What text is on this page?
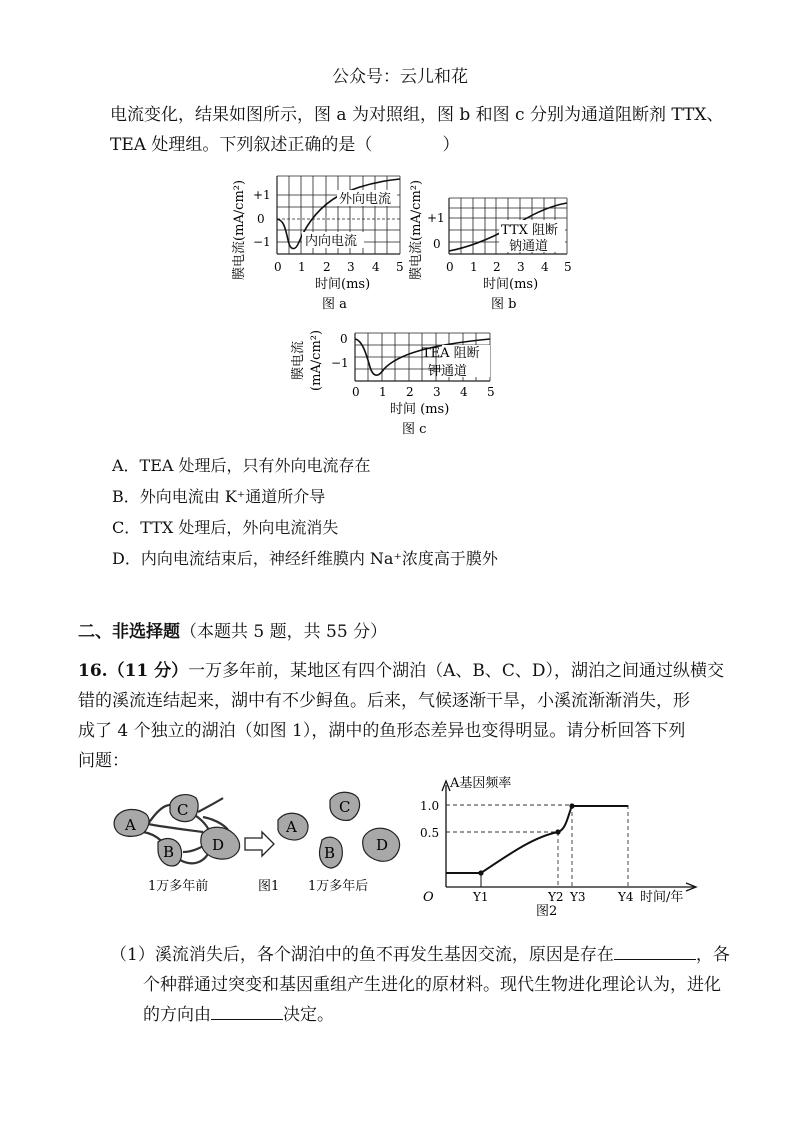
公众号：云儿和花
电流变化，结果如图所示，图 a 为对照组，图 b 和图 c 分别为通道阻断剂 TTX、
TEA 处理组。下列叙述正确的是（	）
外向电流
内向电流
+1
0
−1
膜电流(mA/cm²) 0 1 2 3 4 5
时间(ms)
图 a
TTX 阻断
钠通道
+1
0
膜电流(mA/cm²) 0 1 2 3 4 5
时间(ms)
图 b
TEA 阻断
钾通道
0
−1
膜电流 (mA/cm²)
0 1 2 3 4 5
时间 (ms)
图 c
A．TEA 处理后，只有外向电流存在
B．外向电流由 K⁺通道所介导
C．TTX 处理后，外向电流消失
D．内向电流结束后，神经纤维膜内 Na⁺浓度高于膜外
二、非选择题（本题共 5 题，共 55 分）
16.（11 分）一万多年前，某地区有四个湖泊（A、B、C、D），湖泊之间通过纵横交
错的溪流连结起来，湖中有不少鲟鱼。后来，气候逐渐干旱，小溪流渐渐消失，形
成了 4 个独立的湖泊（如图 1），湖中的鱼形态差异也变得明显。请分析回答下列
问题：
A
C
B	D
A
C
B	D
1万多年前	图1 1万多年后
A基因频率
1.0
0.5
O	Y1	Y2 Y3	Y4 时间/年
图2
（1）溪流消失后，各个湖泊中的鱼不再发生基因交流，原因是存在	，各
个种群通过突变和基因重组产生进化的原材料。现代生物进化理论认为，进化
的方向由	决定。
